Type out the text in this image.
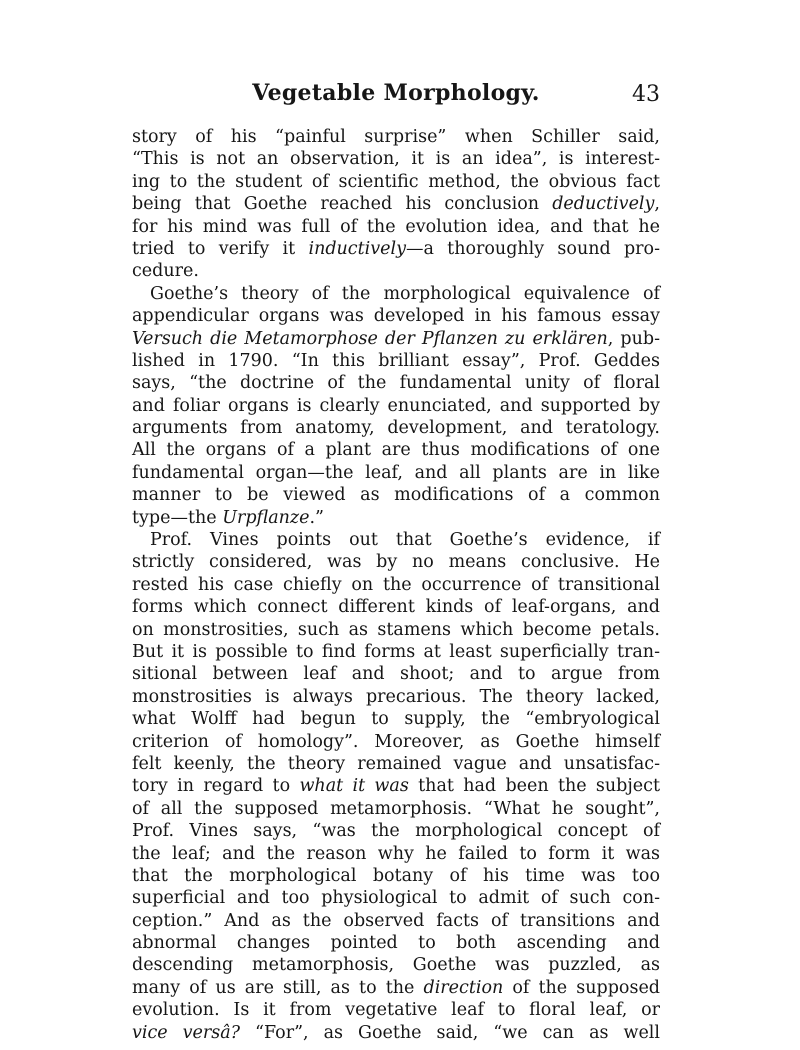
Vegetable Morphology.	43
story of his “painful surprise” when Schiller said,
“This is not an observation, it is an idea”, is interest-
ing to the student of scientific method, the obvious fact
being that Goethe reached his conclusion deductively,
for his mind was full of the evolution idea, and that he
tried to verify it inductively—a thoroughly sound pro-
cedure.
Goethe’s theory of the morphological equivalence of
appendicular organs was developed in his famous essay
Versuch die Metamorphose der Pflanzen zu erklären, pub-
lished in 1790. “In this brilliant essay”, Prof. Geddes
says, “the doctrine of the fundamental unity of floral
and foliar organs is clearly enunciated, and supported by
arguments from anatomy, development, and teratology.
All the organs of a plant are thus modifications of one
fundamental organ—the leaf, and all plants are in like
manner to be viewed as modifications of a common
type—the Urpflanze.”
Prof. Vines points out that Goethe’s evidence, if
strictly considered, was by no means conclusive. He
rested his case chiefly on the occurrence of transitional
forms which connect different kinds of leaf-organs, and
on monstrosities, such as stamens which become petals.
But it is possible to find forms at least superficially tran-
sitional between leaf and shoot; and to argue from
monstrosities is always precarious. The theory lacked,
what Wolff had begun to supply, the “embryological
criterion of homology”. Moreover, as Goethe himself
felt keenly, the theory remained vague and unsatisfac-
tory in regard to what it was that had been the subject
of all the supposed metamorphosis. “What he sought”,
Prof. Vines says, “was the morphological concept of
the leaf; and the reason why he failed to form it was
that the morphological botany of his time was too
superficial and too physiological to admit of such con-
ception.” And as the observed facts of transitions and
abnormal changes pointed to both ascending and
descending metamorphosis, Goethe was puzzled, as
many of us are still, as to the direction of the supposed
evolution. Is it from vegetative leaf to floral leaf, or
vice versâ? “For”, as Goethe said, “we can as well
